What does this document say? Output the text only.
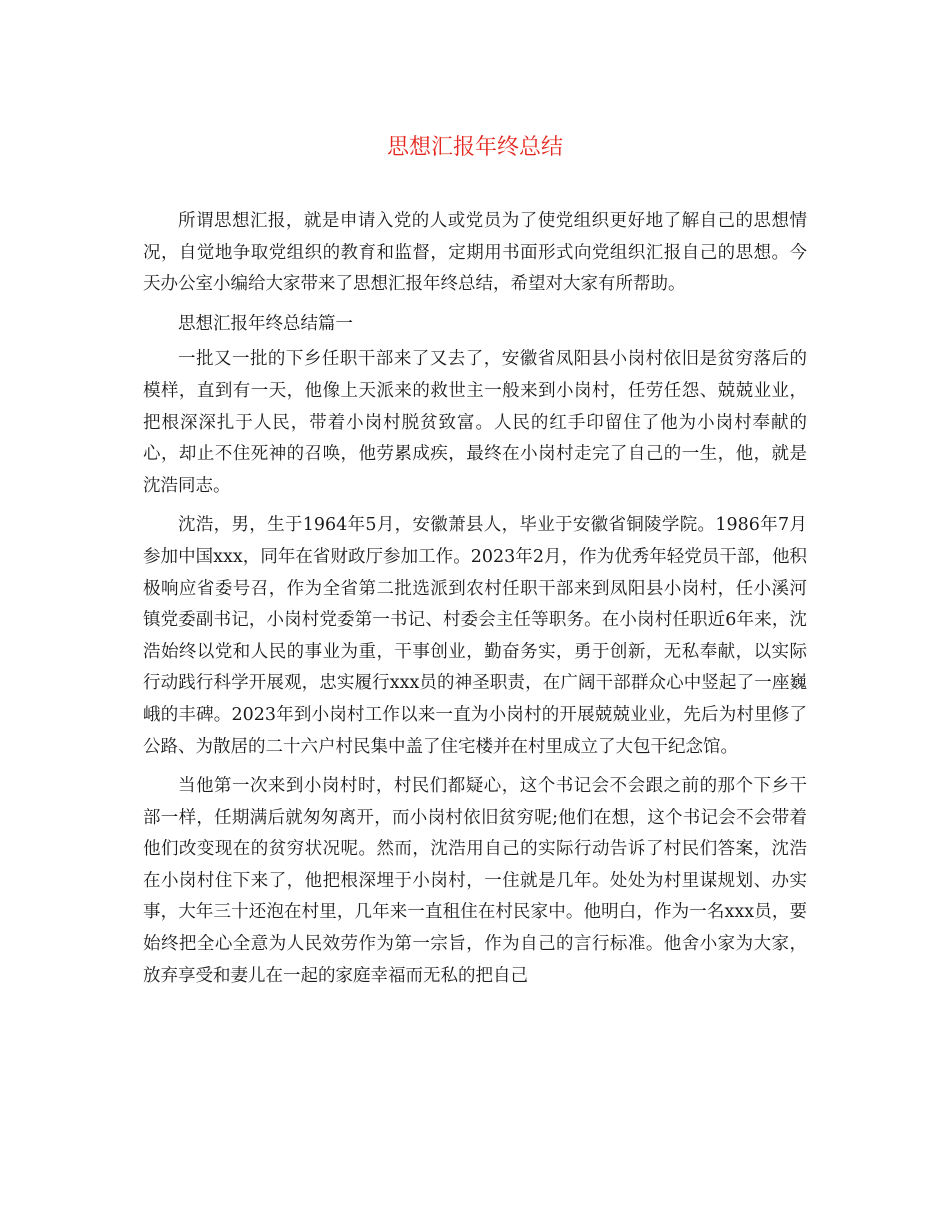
思想汇报年终总结

所谓思想汇报，就是申请入党的人或党员为了使党组织更好地了解自己的思想情况，自觉地争取党组织的教育和监督，定期用书面形式向党组织汇报自己的思想。今天办公室小编给大家带来了思想汇报年终总结，希望对大家有所帮助。

思想汇报年终总结篇一

一批又一批的下乡任职干部来了又去了，安徽省凤阳县小岗村依旧是贫穷落后的模样，直到有一天，他像上天派来的救世主一般来到小岗村，任劳任怨、兢兢业业，把根深深扎于人民，带着小岗村脱贫致富。人民的红手印留住了他为小岗村奉献的心，却止不住死神的召唤，他劳累成疾，最终在小岗村走完了自己的一生，他，就是沈浩同志。

沈浩，男，生于1964年5月，安徽萧县人，毕业于安徽省铜陵学院。1986年7月参加中国xxx，同年在省财政厅参加工作。2023年2月，作为优秀年轻党员干部，他积极响应省委号召，作为全省第二批选派到农村任职干部来到凤阳县小岗村，任小溪河镇党委副书记，小岗村党委第一书记、村委会主任等职务。在小岗村任职近6年来，沈浩始终以党和人民的事业为重，干事创业，勤奋务实，勇于创新，无私奉献，以实际行动践行科学开展观，忠实履行xxx员的神圣职责，在广阔干部群众心中竖起了一座巍峨的丰碑。2023年到小岗村工作以来一直为小岗村的开展兢兢业业，先后为村里修了公路、为散居的二十六户村民集中盖了住宅楼并在村里成立了大包干纪念馆。

当他第一次来到小岗村时，村民们都疑心，这个书记会不会跟之前的那个下乡干部一样，任期满后就匆匆离开，而小岗村依旧贫穷呢;他们在想，这个书记会不会带着他们改变现在的贫穷状况呢。然而，沈浩用自己的实际行动告诉了村民们答案，沈浩在小岗村住下来了，他把根深埋于小岗村，一住就是几年。处处为村里谋规划、办实事，大年三十还泡在村里，几年来一直租住在村民家中。他明白，作为一名xxx员，要始终把全心全意为人民效劳作为第一宗旨，作为自己的言行标准。他舍小家为大家，放弃享受和妻儿在一起的家庭幸福而无私的把自己
